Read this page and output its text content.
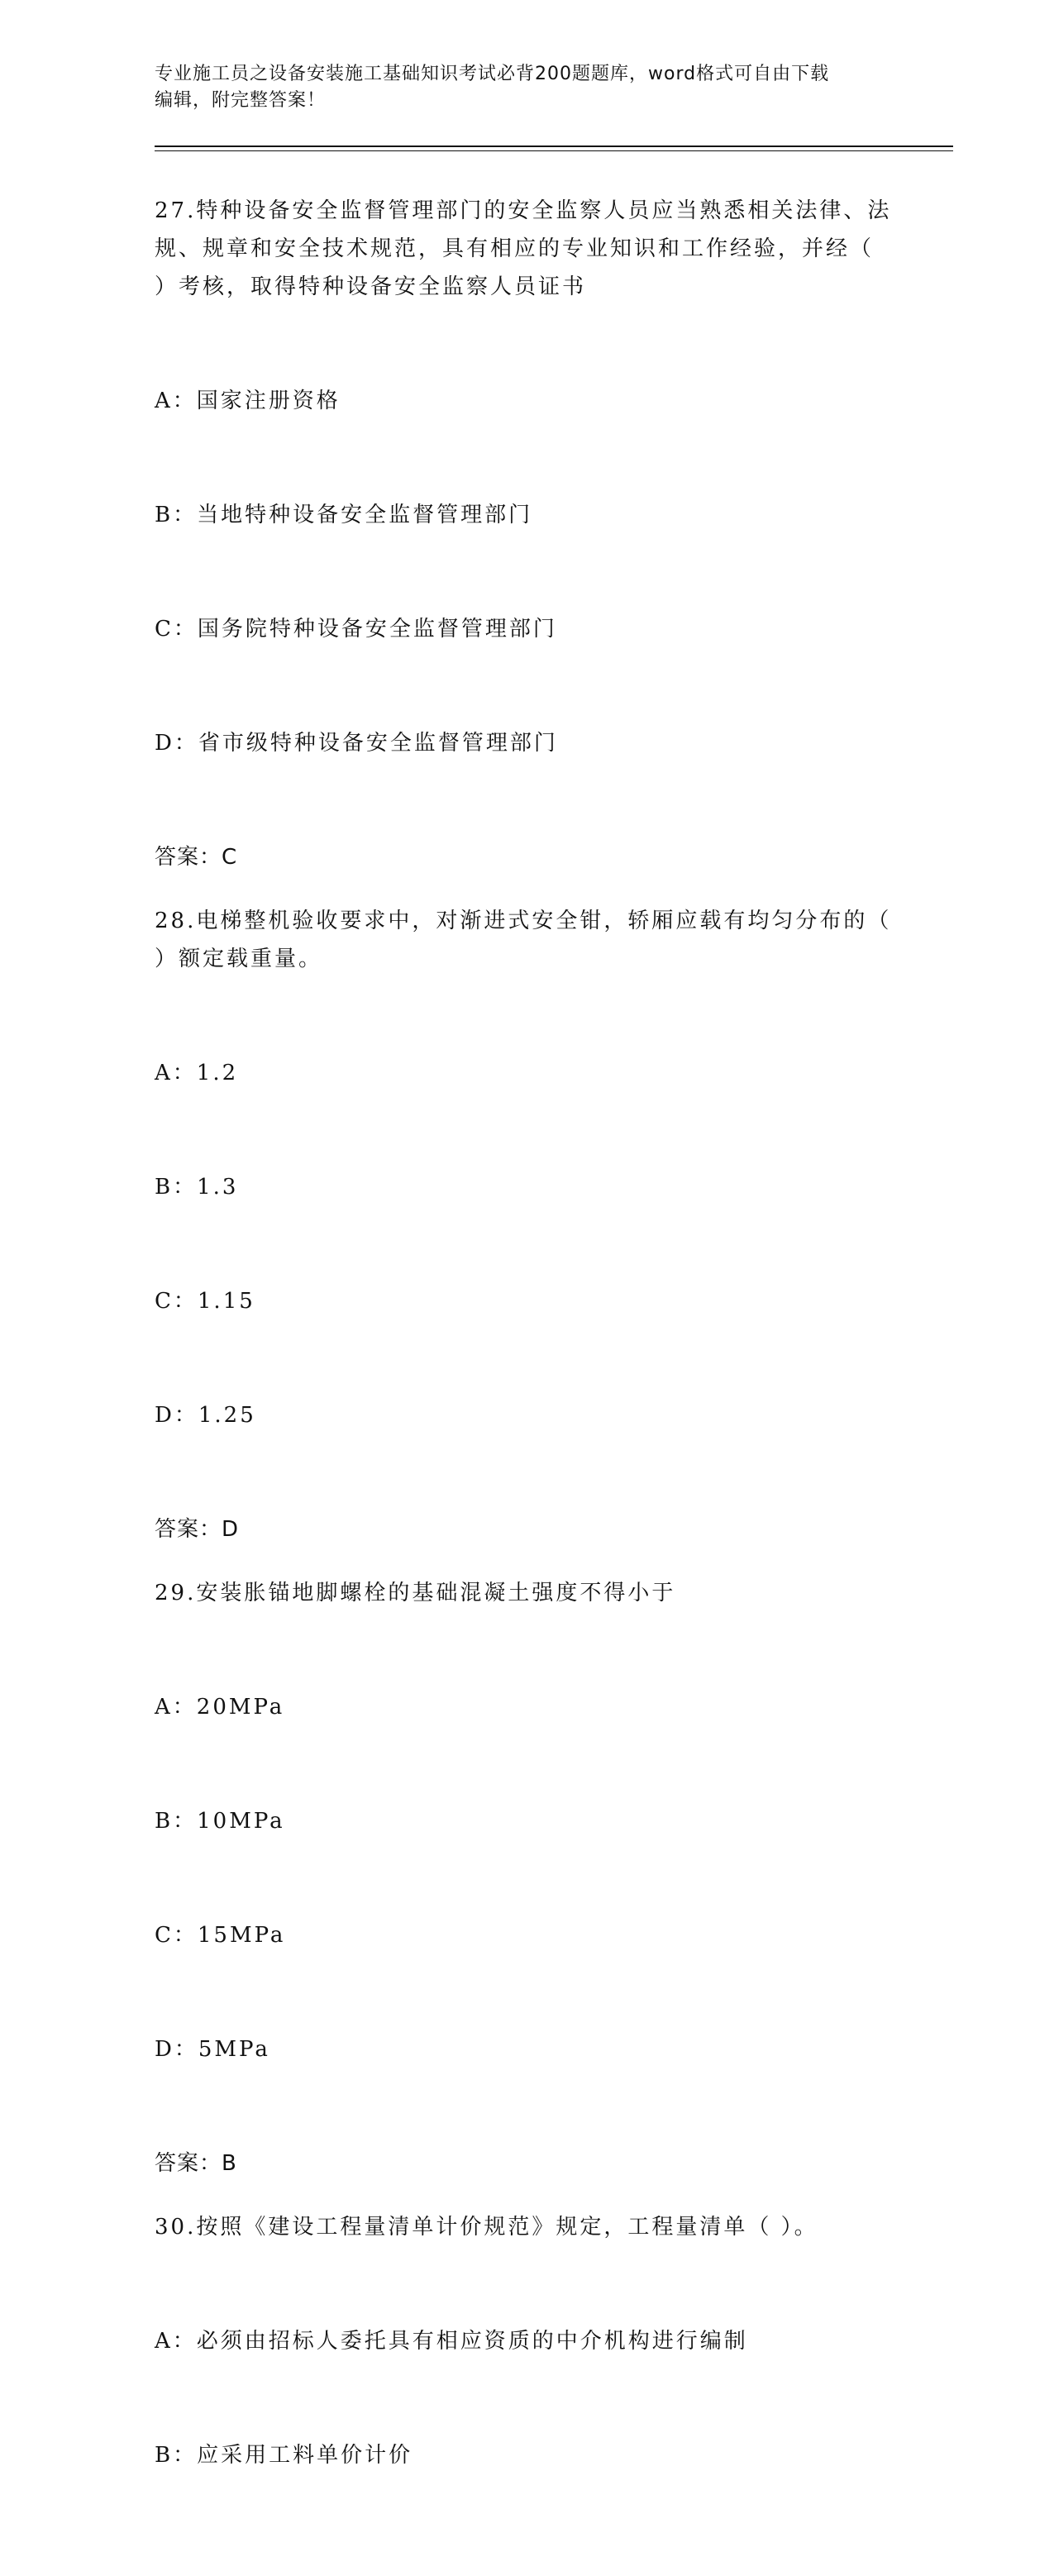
专业施工员之设备安装施工基础知识考试必背200题题库，word格式可自由下载
编辑，附完整答案！
27.特种设备安全监督管理部门的安全监察人员应当熟悉相关法律、法
规、规章和安全技术规范，具有相应的专业知识和工作经验，并经（
）考核，取得特种设备安全监察人员证书

A：国家注册资格

B：当地特种设备安全监督管理部门

C：国务院特种设备安全监督管理部门

D：省市级特种设备安全监督管理部门

答案：C
28.电梯整机验收要求中，对渐进式安全钳，轿厢应载有均匀分布的（
）额定载重量。

A：1.2

B：1.3

C：1.15

D：1.25

答案：D
29.安装胀锚地脚螺栓的基础混凝土强度不得小于

A：20MPa

B：10MPa

C：15MPa

D：5MPa

答案：B
30.按照《建设工程量清单计价规范》规定，工程量清单（ ）。

A：必须由招标人委托具有相应资质的中介机构进行编制

B：应采用工料单价计价
